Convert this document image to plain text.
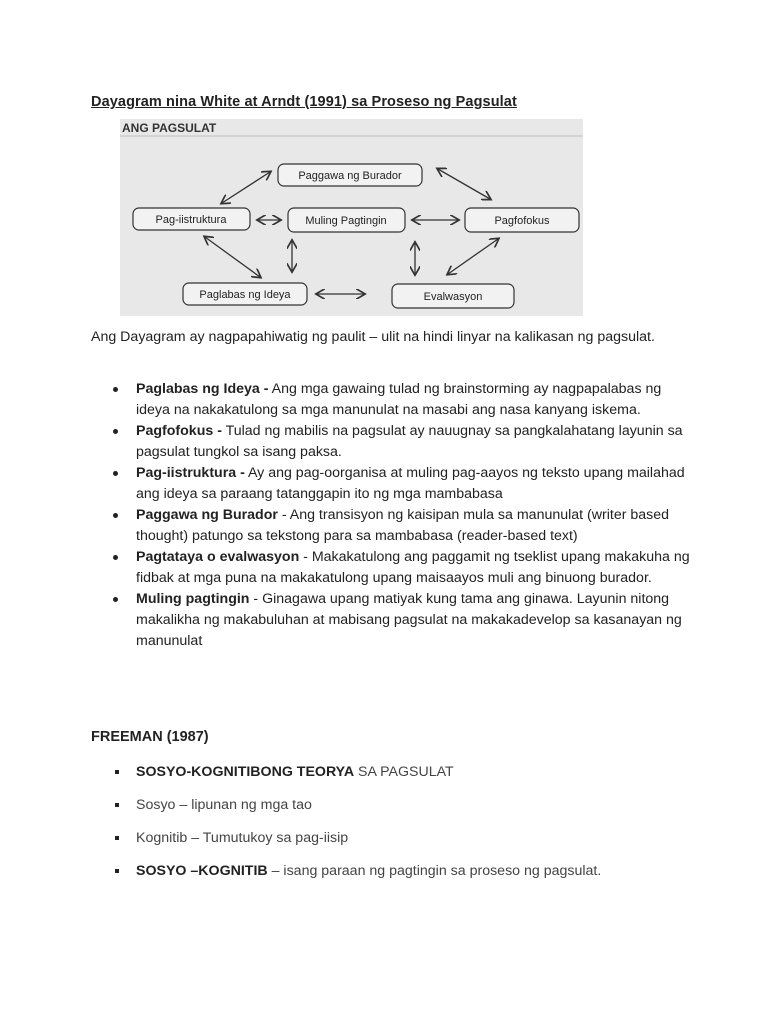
Dayagram nina White at Arndt (1991) sa Proseso ng Pagsulat
ANG PAGSULAT
Paggawa ng Burador
Pag-iistruktura	Muling Pagtingin	Pagfofokus
Paglabas ng Ideya	Evalwasyon
Ang Dayagram ay nagpapahiwatig ng paulit – ulit na hindi linyar na kalikasan ng pagsulat.
Paglabas ng Ideya - Ang mga gawaing tulad ng brainstorming ay nagpapalabas ng ideya na nakakatulong sa mga manunulat na masabi ang nasa kanyang iskema.
Pagfofokus - Tulad ng mabilis na pagsulat ay nauugnay sa pangkalahatang layunin sa pagsulat tungkol sa isang paksa.
Pag-iistruktura - Ay ang pag-oorganisa at muling pag-aayos ng teksto upang mailahad ang ideya sa paraang tatanggapin ito ng mga mambabasa
Paggawa ng Burador - Ang transisyon ng kaisipan mula sa manunulat (writer based thought) patungo sa tekstong para sa mambabasa (reader-based text)
Pagtataya o evalwasyon - Makakatulong ang paggamit ng tseklist upang makakuha ng fidbak at mga puna na makakatulong upang maisaayos muli ang binuong burador.
Muling pagtingin - Ginagawa upang matiyak kung tama ang ginawa. Layunin nitong makalikha ng makabuluhan at mabisang pagsulat na makakadevelop sa kasanayan ng manunulat
FREEMAN (1987)
SOSYO-KOGNITIBONG TEORYA SA PAGSULAT
Sosyo – lipunan ng mga tao
Kognitib – Tumutukoy sa pag-iisip
SOSYO –KOGNITIB – isang paraan ng pagtingin sa proseso ng pagsulat.
